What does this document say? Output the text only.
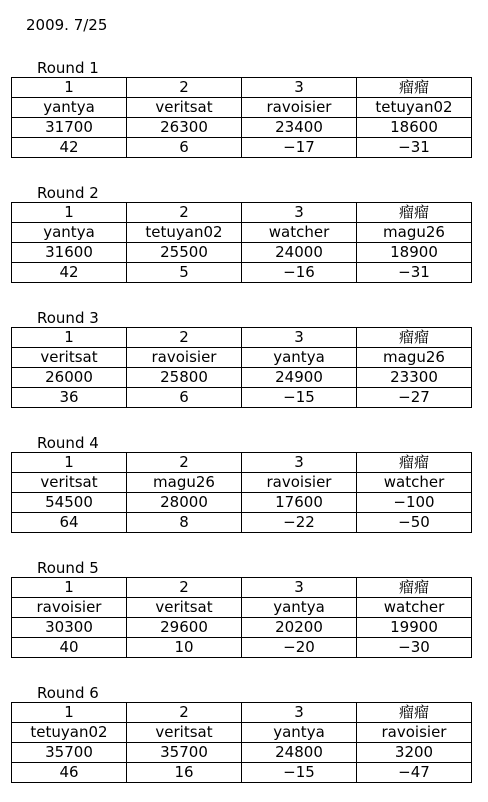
2009. 7/25
Round 1
1	2	3	瘤瘤
yantya	veritsat	ravoisier	tetuyan02
31700	26300	23400	18600
42	6	−17	−31
Round 2
1	2	3	瘤瘤
yantya	tetuyan02	watcher	magu26
31600	25500	24000	18900
42	5	−16	−31
Round 3
1	2	3	瘤瘤
veritsat	ravoisier	yantya	magu26
26000	25800	24900	23300
36	6	−15	−27
Round 4
1	2	3	瘤瘤
veritsat	magu26	ravoisier	watcher
54500	28000	17600	−100
64	8	−22	−50
Round 5
1	2	3	瘤瘤
ravoisier	veritsat	yantya	watcher
30300	29600	20200	19900
40	10	−20	−30
Round 6
1	2	3	瘤瘤
tetuyan02	veritsat	yantya	ravoisier
35700	35700	24800	3200
46	16	−15	−47
